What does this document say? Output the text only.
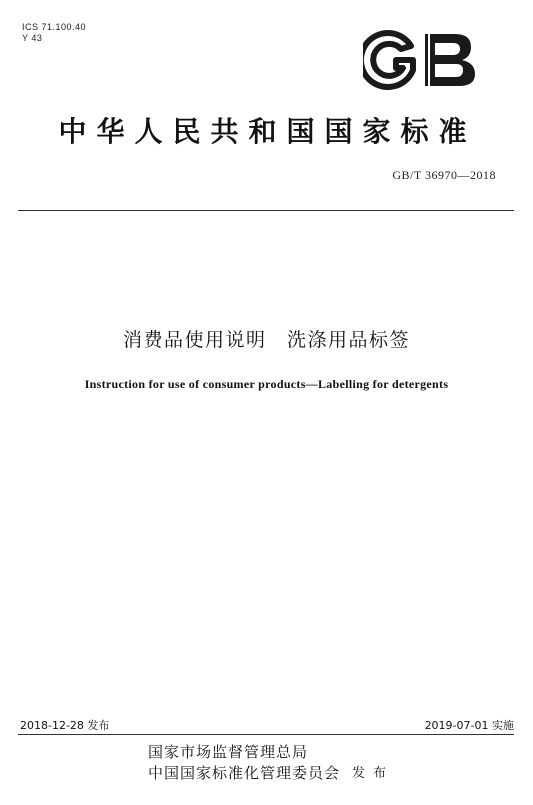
ICS 71.100.40
Y 43
中华人民共和国国家标准
GB/T 36970—2018
消费品使用说明　洗涤用品标签
Instruction for use of consumer products—Labelling for detergents
2018-12-28 发布	2019-07-01 实施
国家市场监督管理总局
中国国家标准化管理委员会 发布
